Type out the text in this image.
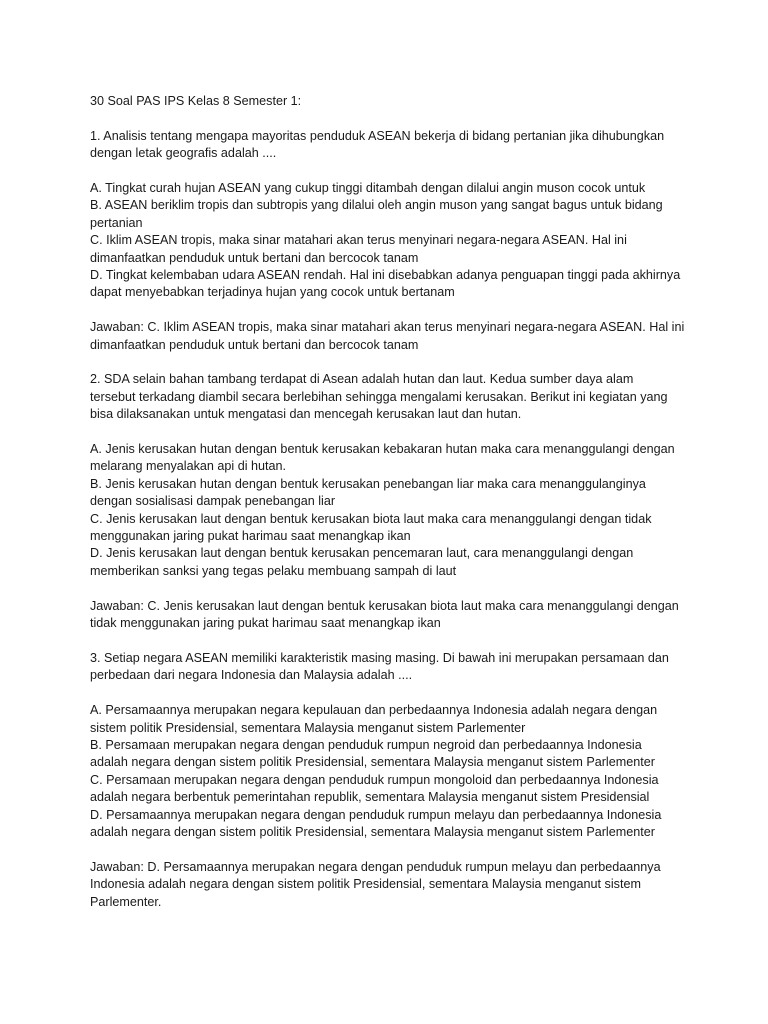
30 Soal PAS IPS Kelas 8 Semester 1:
1. Analisis tentang mengapa mayoritas penduduk ASEAN bekerja di bidang pertanian jika dihubungkan
dengan letak geografis adalah ....
A. Tingkat curah hujan ASEAN yang cukup tinggi ditambah dengan dilalui angin muson cocok untuk
B. ASEAN beriklim tropis dan subtropis yang dilalui oleh angin muson yang sangat bagus untuk bidang
pertanian
C. Iklim ASEAN tropis, maka sinar matahari akan terus menyinari negara-negara ASEAN. Hal ini
dimanfaatkan penduduk untuk bertani dan bercocok tanam
D. Tingkat kelembaban udara ASEAN rendah. Hal ini disebabkan adanya penguapan tinggi pada akhirnya
dapat menyebabkan terjadinya hujan yang cocok untuk bertanam
Jawaban: C. Iklim ASEAN tropis, maka sinar matahari akan terus menyinari negara-negara ASEAN. Hal ini
dimanfaatkan penduduk untuk bertani dan bercocok tanam
2. SDA selain bahan tambang terdapat di Asean adalah hutan dan laut. Kedua sumber daya alam
tersebut terkadang diambil secara berlebihan sehingga mengalami kerusakan. Berikut ini kegiatan yang
bisa dilaksanakan untuk mengatasi dan mencegah kerusakan laut dan hutan.
A. Jenis kerusakan hutan dengan bentuk kerusakan kebakaran hutan maka cara menanggulangi dengan
melarang menyalakan api di hutan.
B. Jenis kerusakan hutan dengan bentuk kerusakan penebangan liar maka cara menanggulanginya
dengan sosialisasi dampak penebangan liar
C. Jenis kerusakan laut dengan bentuk kerusakan biota laut maka cara menanggulangi dengan tidak
menggunakan jaring pukat harimau saat menangkap ikan
D. Jenis kerusakan laut dengan bentuk kerusakan pencemaran laut, cara menanggulangi dengan
memberikan sanksi yang tegas pelaku membuang sampah di laut
Jawaban: C. Jenis kerusakan laut dengan bentuk kerusakan biota laut maka cara menanggulangi dengan
tidak menggunakan jaring pukat harimau saat menangkap ikan
3. Setiap negara ASEAN memiliki karakteristik masing masing. Di bawah ini merupakan persamaan dan
perbedaan dari negara Indonesia dan Malaysia adalah ....
A. Persamaannya merupakan negara kepulauan dan perbedaannya Indonesia adalah negara dengan
sistem politik Presidensial, sementara Malaysia menganut sistem Parlementer
B. Persamaan merupakan negara dengan penduduk rumpun negroid dan perbedaannya Indonesia
adalah negara dengan sistem politik Presidensial, sementara Malaysia menganut sistem Parlementer
C. Persamaan merupakan negara dengan penduduk rumpun mongoloid dan perbedaannya Indonesia
adalah negara berbentuk pemerintahan republik, sementara Malaysia menganut sistem Presidensial
D. Persamaannya merupakan negara dengan penduduk rumpun melayu dan perbedaannya Indonesia
adalah negara dengan sistem politik Presidensial, sementara Malaysia menganut sistem Parlementer
Jawaban: D. Persamaannya merupakan negara dengan penduduk rumpun melayu dan perbedaannya
Indonesia adalah negara dengan sistem politik Presidensial, sementara Malaysia menganut sistem
Parlementer.
